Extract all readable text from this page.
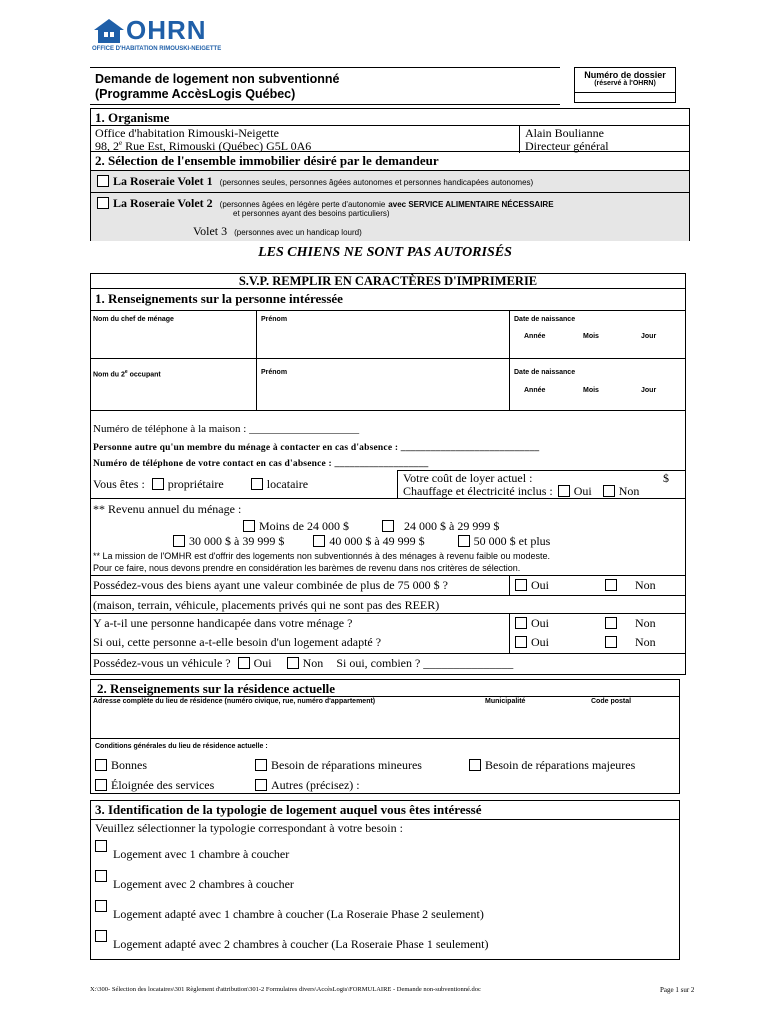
OHRN
OFFICE D'HABITATION RIMOUSKI-NEIGETTE
Demande de logement non subventionné
(Programme AccèsLogis Québec)
Numéro de dossier
(réservé à l'OHRN)
1. Organisme
Office d'habitation Rimouski-Neigette
98, 2e Rue Est, Rimouski (Québec) G5L 0A6
Alain Boulianne
Directeur général
2. Sélection de l'ensemble immobilier désiré par le demandeur
La Roseraie Volet 1 (personnes seules, personnes âgées autonomes et personnes handicapées autonomes)
La Roseraie Volet 2 (personnes âgées en légère perte d'autonomie avec SERVICE ALIMENTAIRE NÉCESSAIRE
et personnes ayant des besoins particuliers)
Volet 3 (personnes avec un handicap lourd)
LES CHIENS NE SONT PAS AUTORISÉS
S.V.P. REMPLIR EN CARACTÈRES D'IMPRIMERIE
1. Renseignements sur la personne intéressée
Nom du chef de ménage	Prénom	Date de naissance
Année	Mois	Jour
Nom du 2e occupant	Prénom	Date de naissance
Année	Mois	Jour
Numéro de téléphone à la maison : ____________________
Personne autre qu'un membre du ménage à contacter en cas d'absence : ____________________________
Numéro de téléphone de votre contact en cas d'absence : ___________________
Vous êtes : propriétaire	locataire	Votre coût de loyer actuel :	$
Chauffage et électricité inclus : Oui Non
** Revenu annuel du ménage :
Moins de 24 000 $	24 000 $ à 29 999 $
30 000 $ à 39 999 $	40 000 $ à 49 999 $	50 000 $ et plus
** La mission de l'OMHR est d'offrir des logements non subventionnés à des ménages à revenu faible ou modeste.
Pour ce faire, nous devons prendre en considération les barèmes de revenu dans nos critères de sélection.
Possédez-vous des biens ayant une valeur combinée de plus de 75 000 $ ?	Oui	Non
(maison, terrain, véhicule, placements privés qui ne sont pas des REER)
Y a-t-il une personne handicapée dans votre ménage ?	Oui	Non
Si oui, cette personne a-t-elle besoin d'un logement adapté ?	Oui	Non
Possédez-vous un véhicule ? Oui	Non Si oui, combien ? _______________
2. Renseignements sur la résidence actuelle
Adresse complète du lieu de résidence (numéro civique, rue, numéro d'appartement)	Municipalité	Code postal
Conditions générales du lieu de résidence actuelle :
Bonnes	Besoin de réparations mineures	Besoin de réparations majeures
Éloignée des services	Autres (précisez) :
3. Identification de la typologie de logement auquel vous êtes intéressé
Veuillez sélectionner la typologie correspondant à votre besoin :
Logement avec 1 chambre à coucher
Logement avec 2 chambres à coucher
Logement adapté avec 1 chambre à coucher (La Roseraie Phase 2 seulement)
Logement adapté avec 2 chambres à coucher (La Roseraie Phase 1 seulement)
X:\300- Sélection des locataires\301 Règlement d'attribution\301-2 Formulaires divers\AccèsLogis\FORMULAIRE - Demande non-subventionné.doc	Page 1 sur 2
